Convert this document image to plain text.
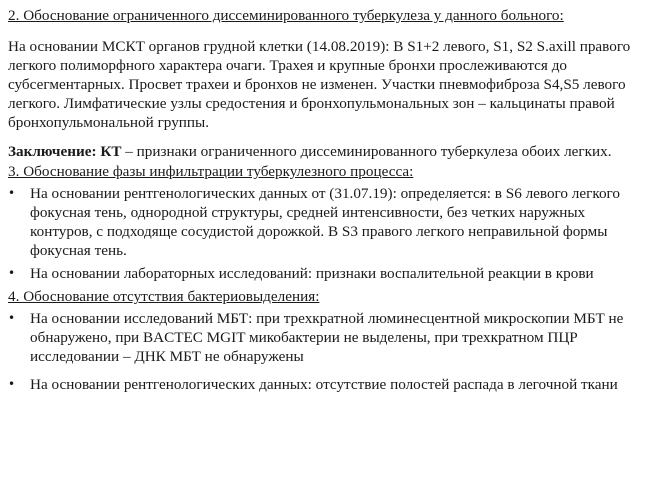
2. Обоснование ограниченного диссеминированного туберкулеза у данного больного:

На основании МСКТ органов грудной клетки (14.08.2019): В S1+2 левого, S1, S2 S.axill правого легкого полиморфного характера очаги. Трахея и крупные бронхи прослеживаются до субсегментарных. Просвет трахеи и бронхов не изменен. Участки пневмофиброза S4,S5 левого легкого. Лимфатические узлы средостения и бронхопульмональных зон – кальцинаты правой бронхопульмональной группы.

Заключение: КТ – признаки ограниченного диссеминированного туберкулеза обоих легких.

3. Обоснование фазы инфильтрации туберкулезного процесса:
• На основании рентгенологических данных от (31.07.19): определяется: в S6 левого легкого фокусная тень, однородной структуры, средней интенсивности, без четких наружных контуров, с подходяще сосудистой дорожкой. В S3 правого легкого неправильной формы фокусная тень.
• На основании лабораторных исследований: признаки воспалительной реакции в крови
4. Обоснование отсутствия бактериовыделения:
• На основании исследований МБТ: при трехкратной люминесцентной микроскопии МБТ не обнаружено, при BACTEC MGIT микобактерии не выделены, при трехкратном ПЦР исследовании – ДНК МБТ не обнаружены
• На основании рентгенологических данных: отсутствие полостей распада в легочной ткани
